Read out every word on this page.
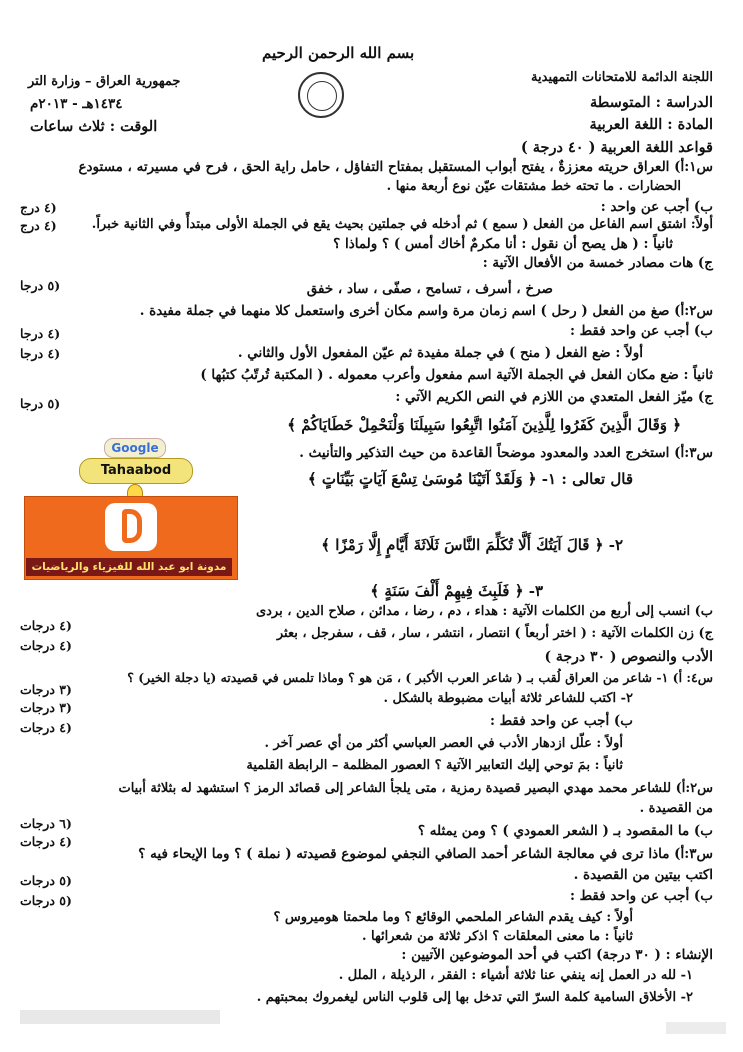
بسم الله الرحمن الرحيم
اللجنة الدائمة للامتحانات التمهيدية
الدراسة : المتوسطة
المادة : اللغة العربية
جمهورية العراق – وزارة التر
١٤٣٤هـ - ٢٠١٣م
الوقت : ثلاث ساعات
قواعد اللغة العربية ( ٤٠ درجة )
Google
Tahaabod
مدونة ابو عبد الله للفيزياء والرياضيات
س١:أ) العراق حريته معززةٌ ، يفتح أبواب المستقبل بمفتاح التفاؤل ، حامل راية الحق ، فرح في مسيرته ، مستودع
الحضارات . ما تحته خط مشتقات عيّن نوع أربعة منها .
(٤ درج	ب) أجب عن واحد :
(٤ درج	أولاً: اشتق اسم الفاعل من الفعل ( سمع ) ثم أدخله في جملتين بحيث يقع في الجملة الأولى مبتدأً وفي الثانية خبراً.
ثانياً : ( هل يصح أن نقول : أنا مكرمٌ أخاك أمس ) ؟ ولماذا ؟
ج) هات مصادر خمسة من الأفعال الآتية :
(٥ درجا	صرخ ، أسرف ، تسامح ، صفّى ، ساد ، خفق
س٢:أ) صغ من الفعل ( رحل ) اسم زمان مرة واسم مكان أخرى واستعمل كلا منهما في جملة مفيدة .
(٤ درجا	ب) أجب عن واحد فقط :
(٤ درجا	أولاً : ضع الفعل ( منح ) في جملة مفيدة ثم عيّن المفعول الأول والثاني .
ثانياً : ضع مكان الفعل في الجملة الآتية اسم مفعول وأعرب معموله . ( المكتبة تُرتّبُ كتبُها )
ج) ميّز الفعل المتعدي من اللازم في النص الكريم الآتي :
(٥ درجا
﴿ وَقَالَ الَّذِينَ كَفَرُوا لِلَّذِينَ آمَنُوا اتَّبِعُوا سَبِيلَنَا وَلْنَحْمِلْ خَطَايَاكُمْ ﴾
س٣:أ) استخرج العدد والمعدود موضحاً القاعدة من حيث التذكير والتأنيث .
قال تعالى : ١- ﴿ وَلَقَدْ آتَيْنَا مُوسَىٰ تِسْعَ آيَاتٍ بَيِّنَاتٍ ﴾
٢- ﴿ قَالَ آيَتُكَ أَلَّا تُكَلِّمَ النَّاسَ ثَلَاثَةَ أَيَّامٍ إِلَّا رَمْزًا ﴾
٣- ﴿ فَلَبِثَ فِيهِمْ أَلْفَ سَنَةٍ ﴾
ب) انسب إلى أربع من الكلمات الآتية : هداء ، دم ، رضا ، مدائن ، صلاح الدين ، بردى
(٤ درجات
ج) زن الكلمات الآتية : ( اختر أربعاً ) انتصار ، انتشر ، سار ، قف ، سفرجل ، بعثر
(٤ درجات
الأدب والنصوص ( ٣٠ درجة )
س٤: أ) ١- شاعر من العراق لُقب بـ ( شاعر العرب الأكبر ) ، مَن هو ؟ وماذا تلمس في قصيدته (يا دجلة الخير) ؟
(٣ درجات
٢- اكتب للشاعر ثلاثة أبيات مضبوطة بالشكل .
(٣ درجات
ب) أجب عن واحد فقط :
(٤ درجات
أولاً : علّل ازدهار الأدب في العصر العباسي أكثر من أي عصر آخر .
ثانياً : بمَ توحي إليك التعابير الآتية ؟ العصور المظلمة – الرابطة القلمية
س٢:أ) للشاعر محمد مهدي البصير قصيدة رمزية ، متى يلجأ الشاعر إلى قصائد الرمز ؟ استشهد له بثلاثة أبيات
من القصيدة .
(٦ درجات	ب) ما المقصود بـ ( الشعر العمودي ) ؟ ومن يمثله ؟
(٤ درجات
س٣:أ) ماذا ترى في معالجة الشاعر أحمد الصافي النجفي لموضوع قصيدته ( نملة ) ؟ وما الإيحاء فيه ؟
اكتب بيتين من القصيدة .
(٥ درجات
ب) أجب عن واحد فقط :
(٥ درجات
أولاً : كيف يقدم الشاعر الملحمي الوقائع ؟ وما ملحمتا هوميروس ؟
ثانياً : ما معنى المعلقات ؟ اذكر ثلاثة من شعرائها .
الإنشاء : ( ٣٠ درجة) اكتب في أحد الموضوعين الآتيين :
١- لله در العمل إنه ينفي عنا ثلاثة أشياء : الفقر ، الرذيلة ، الملل .
٢- الأخلاق السامية كلمة السرّ التي تدخل بها إلى قلوب الناس ليغمروك بمحبتهم .
